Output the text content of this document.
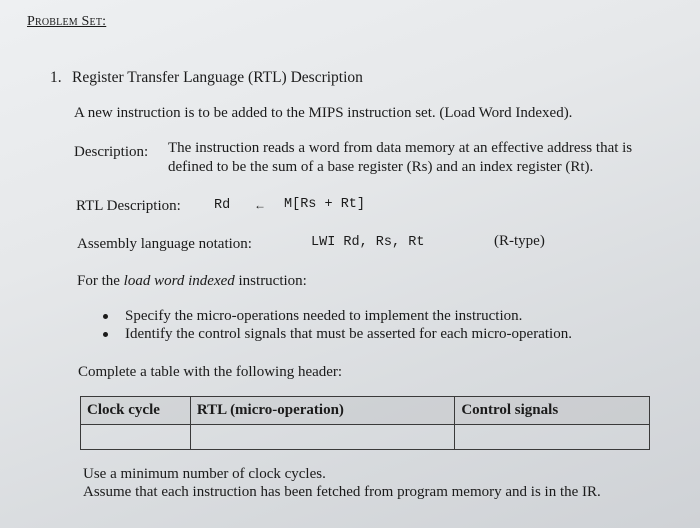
Problem Set:
1. Register Transfer Language (RTL) Description
A new instruction is to be added to the MIPS instruction set. (Load Word Indexed).
Description: The instruction reads a word from data memory at an effective address that is defined to be the sum of a base register (Rs) and an index register (Rt).
RTL Description: Rd ← M[Rs + Rt]
Assembly language notation:	LWI Rd, Rs, Rt	(R-type)
For the load word indexed instruction:
Specify the micro-operations needed to implement the instruction.
Identify the control signals that must be asserted for each micro-operation.
Complete a table with the following header:
Clock cycle	RTL (micro-operation)	Control signals

Use a minimum number of clock cycles.
Assume that each instruction has been fetched from program memory and is in the IR.
